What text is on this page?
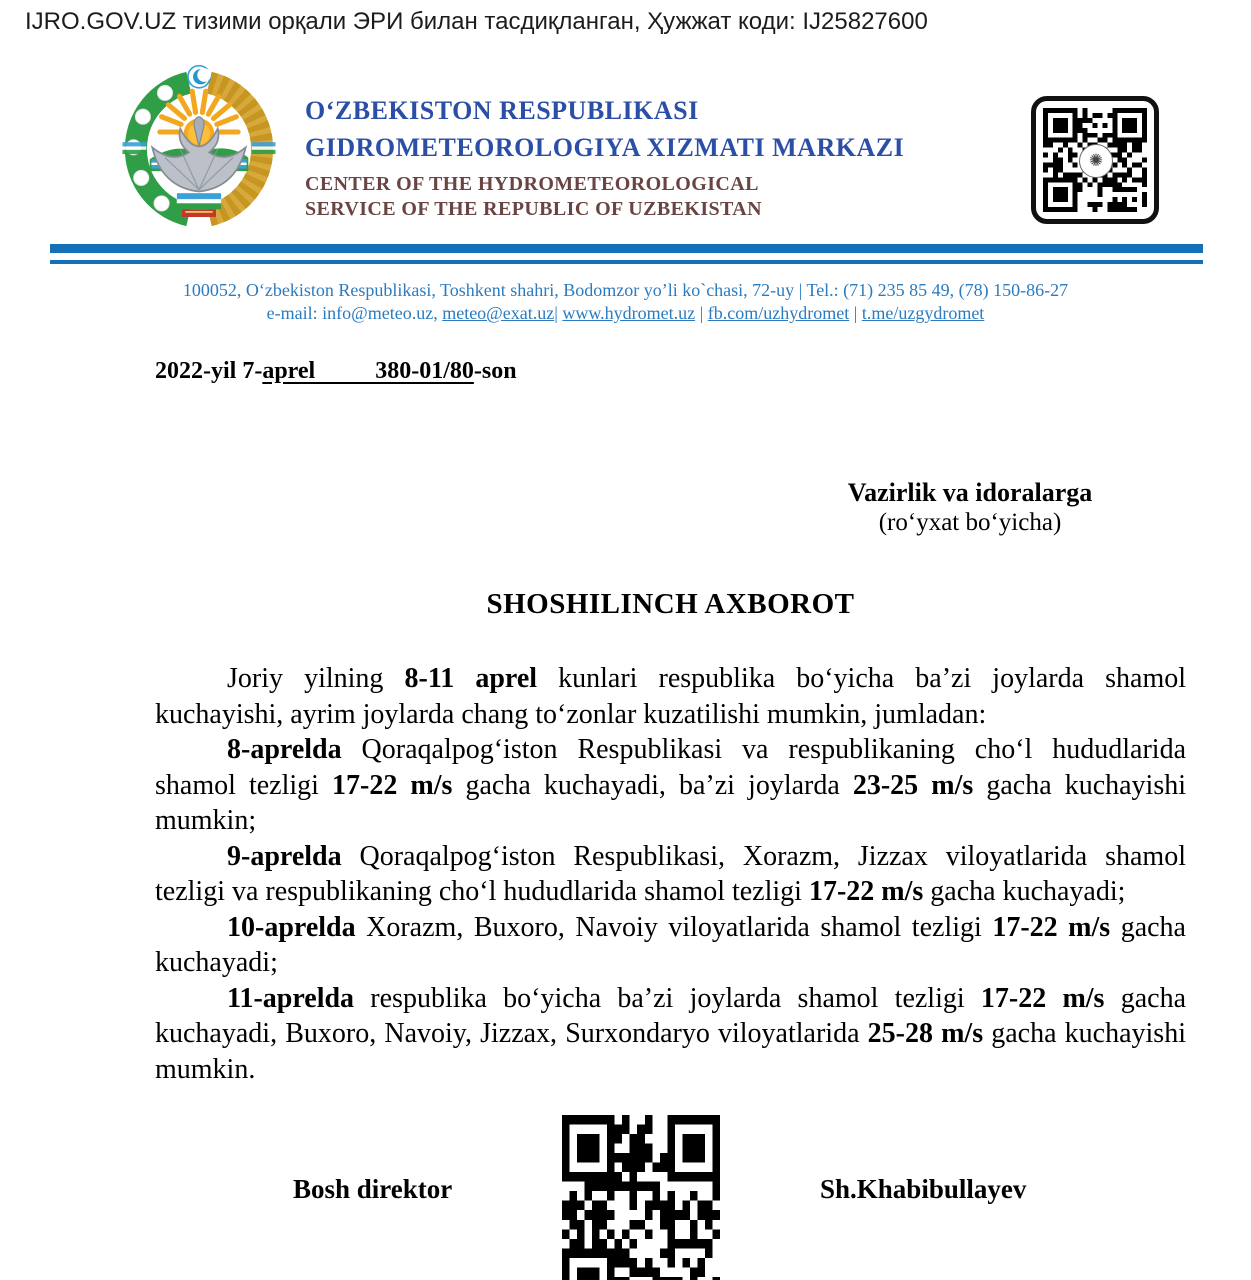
IJRO.GOV.UZ тизими орқали ЭРИ билан тасдиқланган, Ҳужжат коди: IJ25827600
O‘ZBEKISTON RESPUBLIKASI
GIDROMETEOROLOGIYA XIZMATI MARKAZI
CENTER OF THE HYDROMETEOROLOGICAL
SERVICE OF THE REPUBLIC OF UZBEKISTAN
✺
100052, O‘zbekiston Respublikasi, Toshkent shahri, Bodomzor yo’li ko`chasi, 72-uy | Tel.: (71) 235 85 49, (78) 150-86-27
e-mail: info@meteo.uz, meteo@exat.uz| www.hydromet.uz | fb.com/uzhydromet | t.me/uzgydromet
2022-yil 7-aprel          380-01/80-son
Vazirlik va idoralarga
(ro‘yxat bo‘yicha)
SHOSHILINCH AXBOROT

Joriy yilning 8-11 aprel kunlari respublika bo‘yicha ba’zi joylarda shamol kuchayishi, ayrim joylarda chang to‘zonlar kuzatilishi mumkin, jumladan:

8-aprelda Qoraqalpog‘iston Respublikasi va respublikaning cho‘l hududlarida shamol tezligi 17-22 m/s gacha kuchayadi, ba’zi joylarda 23-25 m/s gacha kuchayishi mumkin;

9-aprelda Qoraqalpog‘iston Respublikasi, Xorazm, Jizzax viloyatlarida shamol tezligi va respublikaning cho‘l hududlarida shamol tezligi 17-22 m/s gacha kuchayadi;

10-aprelda Xorazm, Buxoro, Navoiy viloyatlarida shamol tezligi 17-22 m/s gacha kuchayadi;

11-aprelda respublika bo‘yicha ba’zi joylarda shamol tezligi 17-22 m/s gacha kuchayadi, Buxoro, Navoiy, Jizzax, Surxondaryo viloyatlarida 25-28 m/s gacha kuchayishi mumkin.

Bosh direktor	Sh.Khabibullayev
